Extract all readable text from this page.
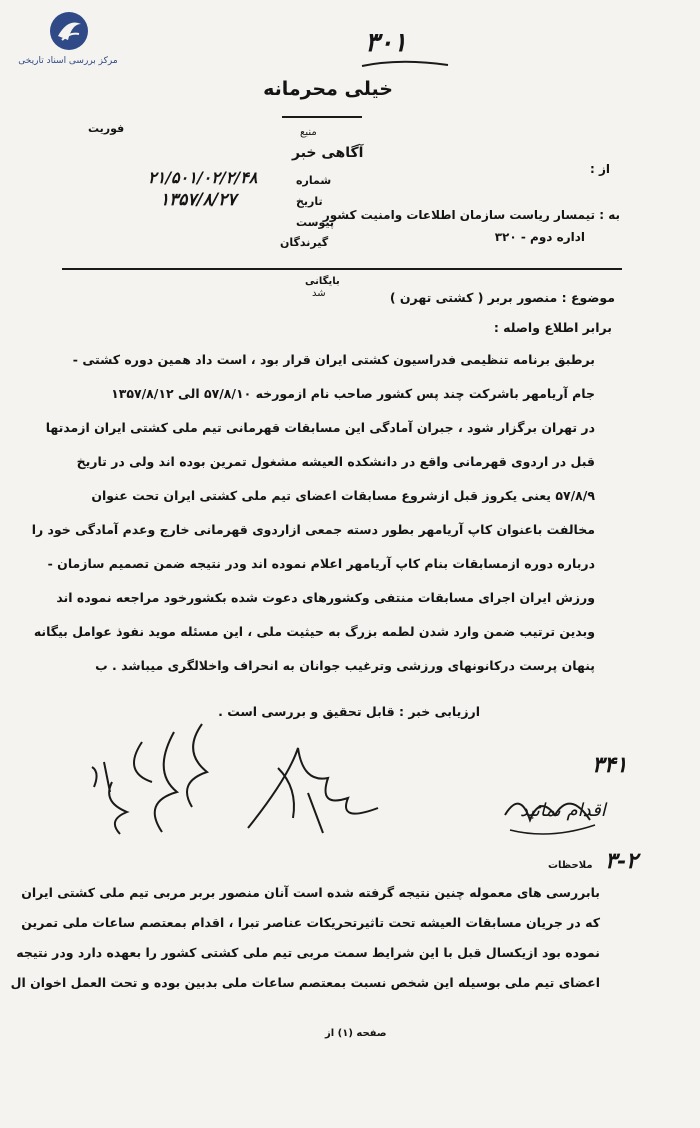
مرکز بررسی اسناد تاریخی
۳۰۱
خیلی محرمانه
فوریت	منبع
آگاهی خبر
از :
شماره
۲۱/۵۰۱/۰۲/۲/۴۸
تاریخ
۱۳۵۷/۸/۲۷
پیوست
گیرندگان
به : تیمسار ریاست سازمان اطلاعات وامنیت کشور
اداره دوم - ۳۲۰
بایگانی
شد	موضوع : منصور بربر ( کشتی تهرن )
برابر اطلاع واصله :
برطبق برنامه تنظیمی فدراسیون کشتی ایران قرار بود ، است داد همین دوره کشتی -
جام آریامهر باشرکت چند پس کشور صاحب نام ازمورخه ۵۷/۸/۱۰ الی ۱۳۵۷/۸/۱۲
در تهران برگزار شود ، جبران آمادگی این مسابقات قهرمانی تیم ملی کشتی ایران ازمدتها
قبل در اردوی قهرمانی واقع در دانشکده العیشه مشغول تمرین بوده اند ولی در تاریخ
۵۷/۸/۹ یعنی یکروز قبل ازشروع مسابقات اعضای تیم ملی کشتی ایران تحت عنوان
مخالفت باعنوان کاپ آریامهر بطور دسته جمعی ازاردوی قهرمانی خارج وعدم آمادگی خود را
درباره دوره ازمسابقات بنام کاپ آریامهر اعلام نموده اند ودر نتیجه ضمن تصمیم سازمان -
ورزش ایران اجرای مسابقات منتفی وکشورهای دعوت شده بکشورخود مراجعه نموده اند
وبدین ترتیب ضمن وارد شدن لطمه بزرگ به حیثیت ملی ، این مسئله موید نفوذ عوامل بیگانه
پنهان پرست درکانونهای ورزشی وترغیب جوانان به انحراف واخلالگری میباشد . ب
ارزیابی خبر : قابل تحقیق و بررسی است .
۳۴۱
اقدام نمائید
۳-۲
ملاحظات
بابررسی های معموله چنین نتیجه گرفته شده است آنان منصور بربر مربی تیم ملی کشتی ایران
که در جریان مسابقات العیشه تحت تاثیرتحریکات عناصر تبرا ، اقدام بمعتصم ساعات ملی تمرین
نموده بود ازیکسال قبل با این شرایط سمت مربی تیم ملی کشتی کشور را بعهده دارد ودر نتیجه
اعضای تیم ملی بوسیله این شخص نسبت بمعتصم ساعات ملی بدبین بوده و تحت العمل اخوان ال
صفحه (۱) از
